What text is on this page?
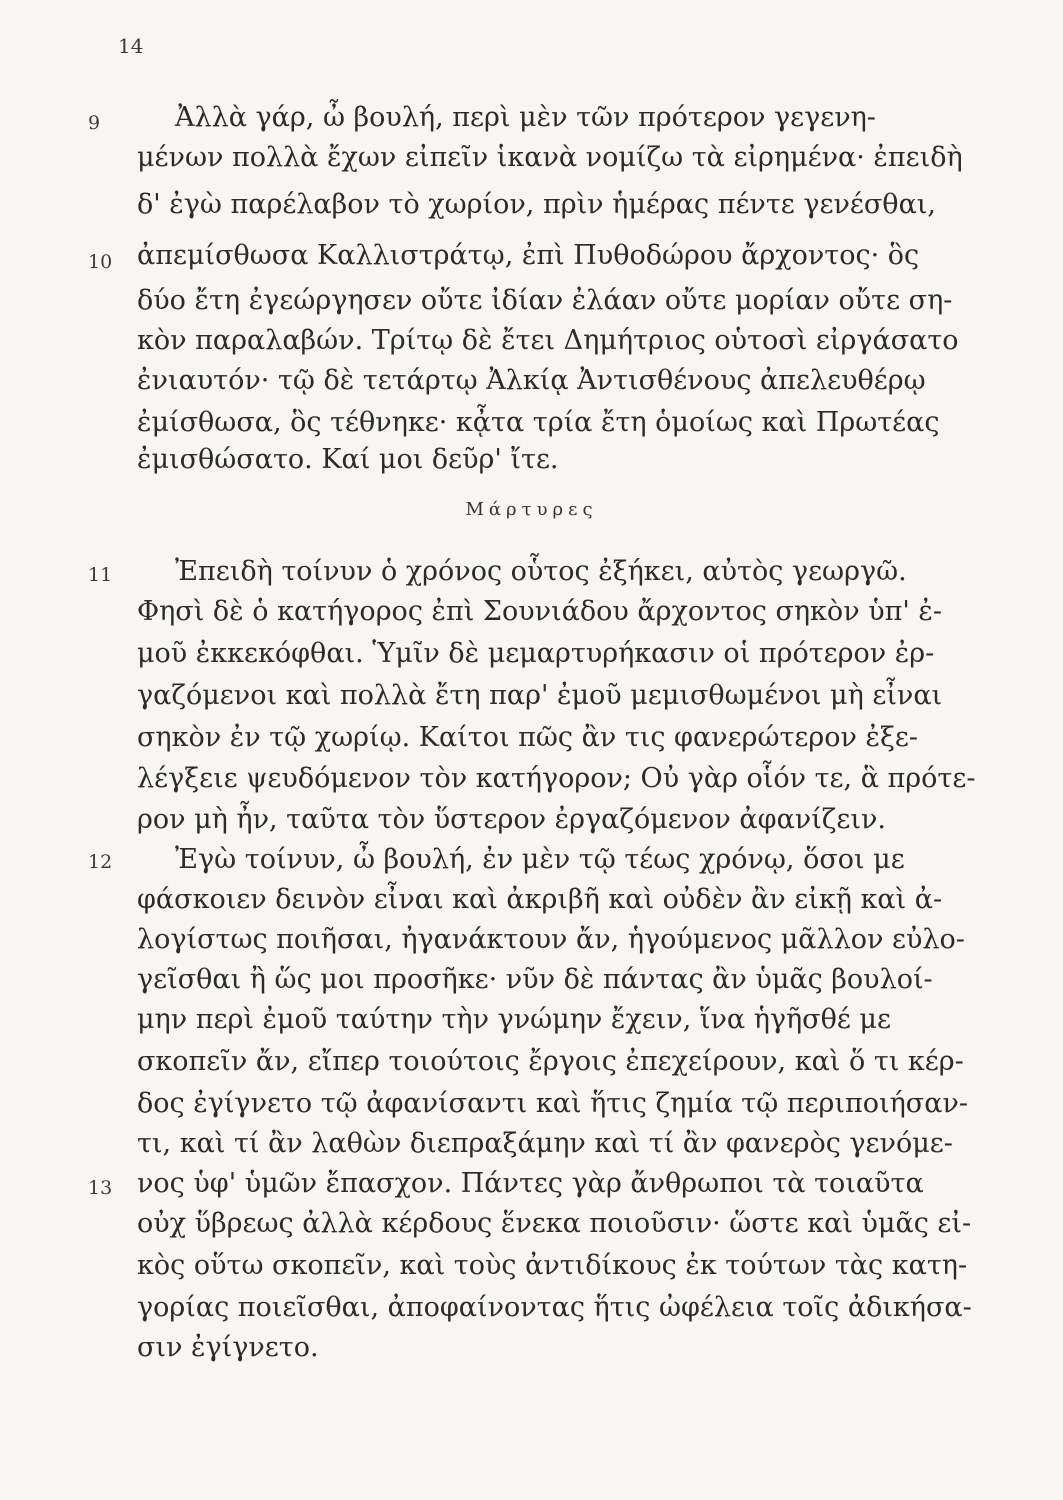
14
9
10
11
12
13
Ἀλλὰ γάρ, ὦ βουλή, περὶ μὲν τῶν πρότερον γεγενη-
μένων πολλὰ ἔχων εἰπεῖν ἱκανὰ νομίζω τὰ εἰρημένα· ἐπειδὴ
δ' ἐγὼ παρέλαβον τὸ χωρίον, πρὶν ἡμέρας πέντε γενέσθαι,
ἀπεμίσθωσα Καλλιστράτῳ, ἐπὶ Πυθοδώρου ἄρχοντος· ὃς
δύο ἔτη ἐγεώργησεν οὔτε ἰδίαν ἐλάαν οὔτε μορίαν οὔτε ση-
κὸν παραλαβών. Τρίτῳ δὲ ἔτει Δημήτριος οὑτοσὶ εἰργάσατο
ἐνιαυτόν· τῷ δὲ τετάρτῳ Ἀλκίᾳ Ἀντισθένους ἀπελευθέρῳ
ἐμίσθωσα, ὃς τέθνηκε· κᾆτα τρία ἔτη ὁμοίως καὶ Πρωτέας
ἐμισθώσατο. Καί μοι δεῦρ' ἴτε.
Μάρτυρες
Ἐπειδὴ τοίνυν ὁ χρόνος οὗτος ἐξήκει, αὐτὸς γεωργῶ.
Φησὶ δὲ ὁ κατήγορος ἐπὶ Σουνιάδου ἄρχοντος σηκὸν ὑπ' ἐ-
μοῦ ἐκκεκόφθαι. Ὑμῖν δὲ μεμαρτυρήκασιν οἱ πρότερον ἐρ-
γαζόμενοι καὶ πολλὰ ἔτη παρ' ἐμοῦ μεμισθωμένοι μὴ εἶναι
σηκὸν ἐν τῷ χωρίῳ. Καίτοι πῶς ἂν τις φανερώτερον ἐξε-
λέγξειε ψευδόμενον τὸν κατήγορον; Οὐ γὰρ οἷόν τε, ἃ πρότε-
ρον μὴ ἦν, ταῦτα τὸν ὕστερον ἐργαζόμενον ἀφανίζειν.
Ἐγὼ τοίνυν, ὦ βουλή, ἐν μὲν τῷ τέως χρόνῳ, ὅσοι με
φάσκοιεν δεινὸν εἶναι καὶ ἀκριβῆ καὶ οὐδὲν ἂν εἰκῇ καὶ ἀ-
λογίστως ποιῆσαι, ἠγανάκτουν ἄν, ἡγούμενος μᾶλλον εὐλο-
γεῖσθαι ἢ ὥς μοι προσῆκε· νῦν δὲ πάντας ἂν ὑμᾶς βουλοί-
μην περὶ ἐμοῦ ταύτην τὴν γνώμην ἔχειν, ἵνα ἡγῆσθέ με
σκοπεῖν ἄν, εἴπερ τοιούτοις ἔργοις ἐπεχείρουν, καὶ ὅ τι κέρ-
δος ἐγίγνετο τῷ ἀφανίσαντι καὶ ἥτις ζημία τῷ περιποιήσαν-
τι, καὶ τί ἂν λαθὼν διεπραξάμην καὶ τί ἂν φανερὸς γενόμε-
νος ὑφ' ὑμῶν ἔπασχον. Πάντες γὰρ ἄνθρωποι τὰ τοιαῦτα
οὐχ ὕβρεως ἀλλὰ κέρδους ἕνεκα ποιοῦσιν· ὥστε καὶ ὑμᾶς εἰ-
κὸς οὕτω σκοπεῖν, καὶ τοὺς ἀντιδίκους ἐκ τούτων τὰς κατη-
γορίας ποιεῖσθαι, ἀποφαίνοντας ἥτις ὠφέλεια τοῖς ἀδικήσα-
σιν ἐγίγνετο.
